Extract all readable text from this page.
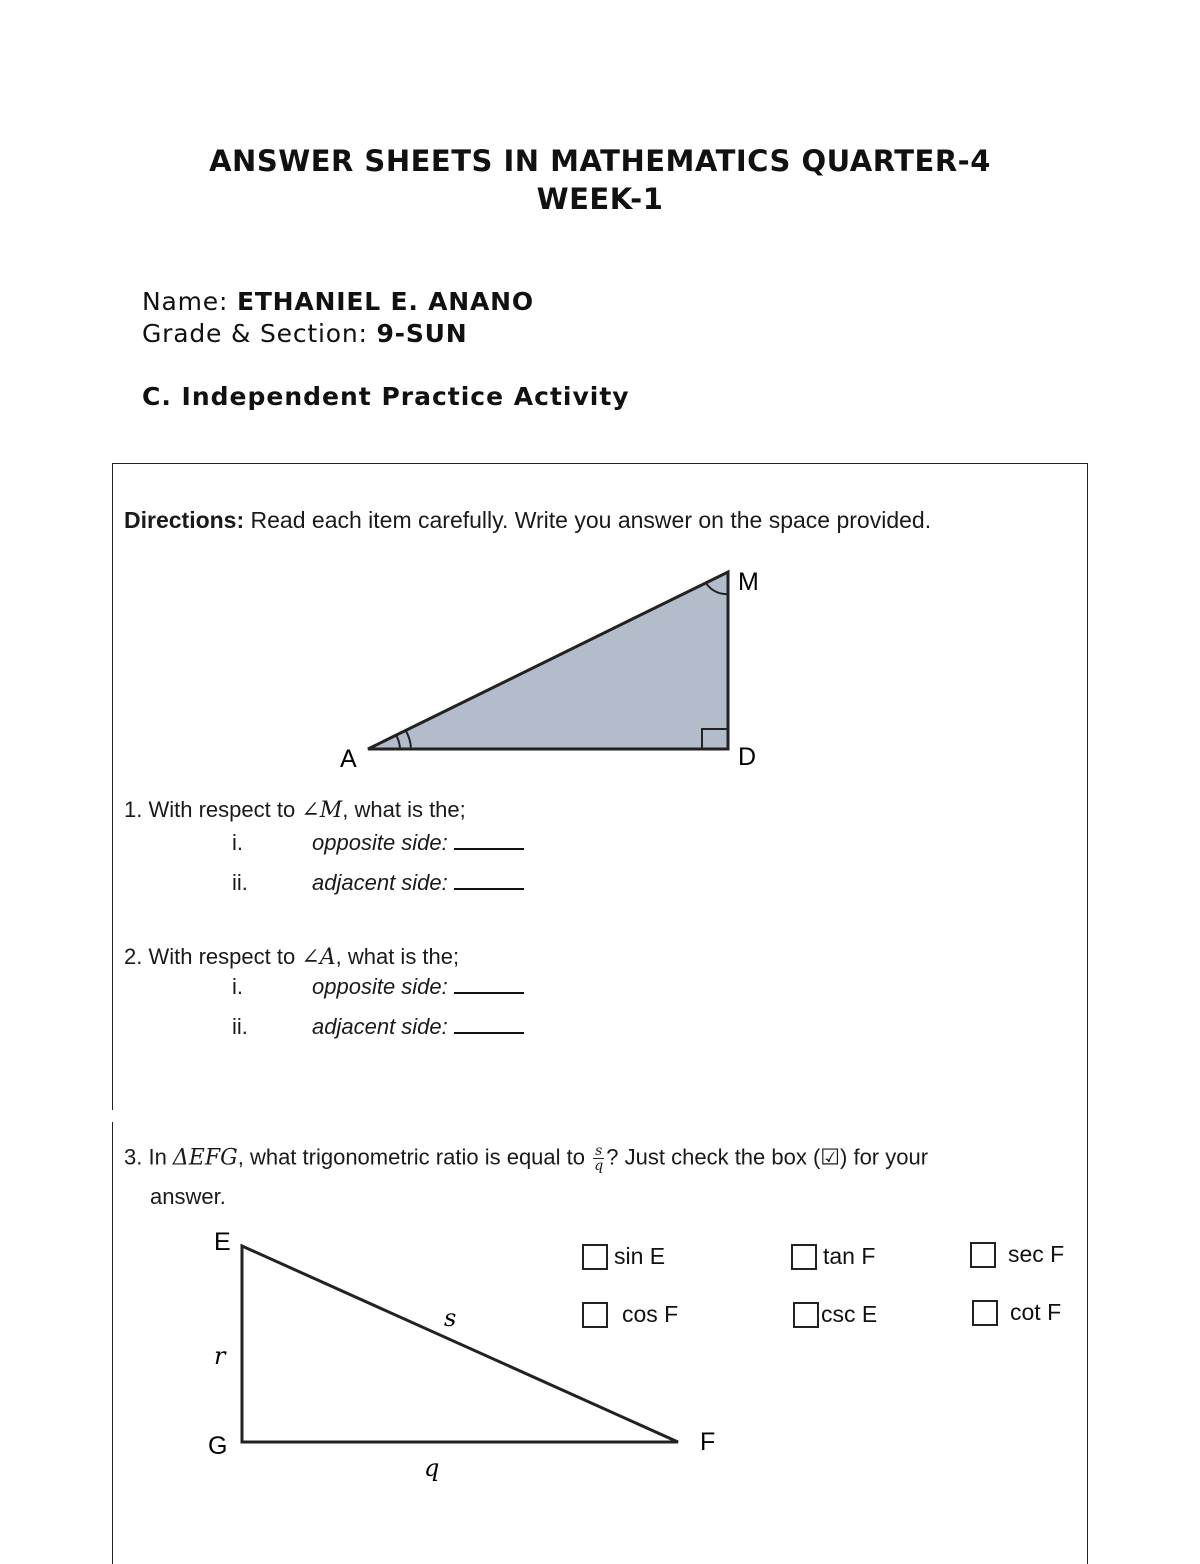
ANSWER SHEETS IN MATHEMATICS QUARTER-4
WEEK-1
Name: ETHANIEL E. ANANO
Grade & Section: 9-SUN
C. Independent Practice Activity
Directions: Read each item carefully. Write you answer on the space provided.
A	D
M
1. With respect to ∠M, what is the;
i.	opposite side:
ii.	adjacent side:
2. With respect to ∠A, what is the;
i.	opposite side:
ii.	adjacent side:
3. In ΔEFG, what trigonometric ratio is equal to $\frac{s}{q}$ ? Just check the box (☑) for your
answer.
E
G	F
s
r
q
sin E	tan F	sec F
cos F	csc E	cot F
